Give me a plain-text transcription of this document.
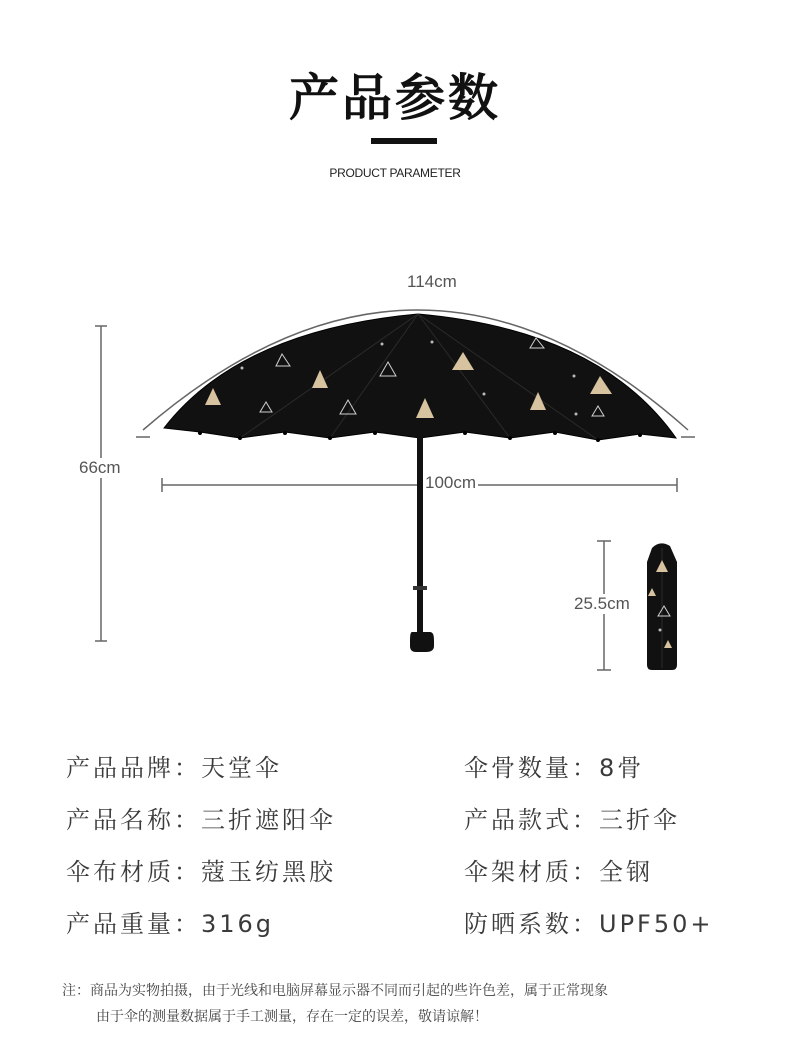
产品参数
PRODUCT PARAMETER
114cm
66cm
100cm
25.5cm
产品品牌：天堂伞
产品名称：三折遮阳伞
伞布材质：蔻玉纺黑胶
产品重量：316g
伞骨数量：8骨
产品款式：三折伞
伞架材质：全钢
防晒系数：UPF50+
注：商品为实物拍摄，由于光线和电脑屏幕显示器不同而引起的些许色差，属于正常现象
由于伞的测量数据属于手工测量，存在一定的误差，敬请谅解！
